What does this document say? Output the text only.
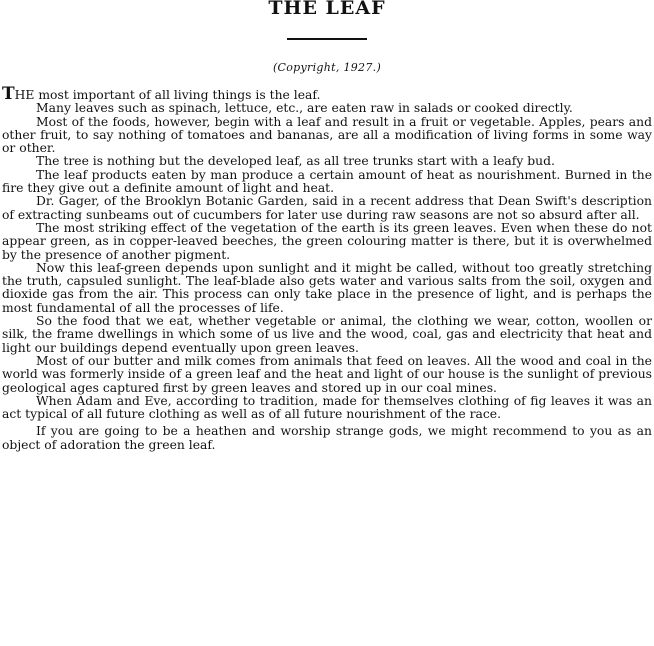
THE LEAF
(Copyright, 1927.)

THE most important of all living things is the leaf.

Many leaves such as spinach, lettuce, etc., are eaten raw in salads or cooked directly.

Most of the foods, however, begin with a leaf and result in a fruit or vegetable. Apples, pears and other fruit, to say nothing of tomatoes and bananas, are all a modification of living forms in some way or other.

The tree is nothing but the developed leaf, as all tree trunks start with a leafy bud.

The leaf products eaten by man produce a certain amount of heat as nourishment. Burned in the fire they give out a definite amount of light and heat.

Dr. Gager, of the Brooklyn Botanic Garden, said in a recent address that Dean Swift's description of extracting sunbeams out of cucumbers for later use during raw seasons are not so absurd after all.

The most striking effect of the vegetation of the earth is its green leaves. Even when these do not appear green, as in copper-leaved beeches, the green colouring matter is there, but it is overwhelmed by the presence of another pigment.

Now this leaf-green depends upon sunlight and it might be called, without too greatly stretching the truth, capsuled sunlight. The leaf-blade also gets water and various salts from the soil, oxygen and dioxide gas from the air. This process can only take place in the presence of light, and is perhaps the most fundamental of all the processes of life.

So the food that we eat, whether vegetable or animal, the clothing we wear, cotton, woollen or silk, the frame dwellings in which some of us live and the wood, coal, gas and electricity that heat and light our buildings depend eventually upon green leaves.

Most of our butter and milk comes from animals that feed on leaves. All the wood and coal in the world was formerly inside of a green leaf and the heat and light of our house is the sunlight of previous geological ages captured first by green leaves and stored up in our coal mines.

When Adam and Eve, according to tradition, made for themselves clothing of fig leaves it was an act typical of all future clothing as well as of all future nourishment of the race.

If you are going to be a heathen and worship strange gods, we might recommend to you as an object of adoration the green leaf.
